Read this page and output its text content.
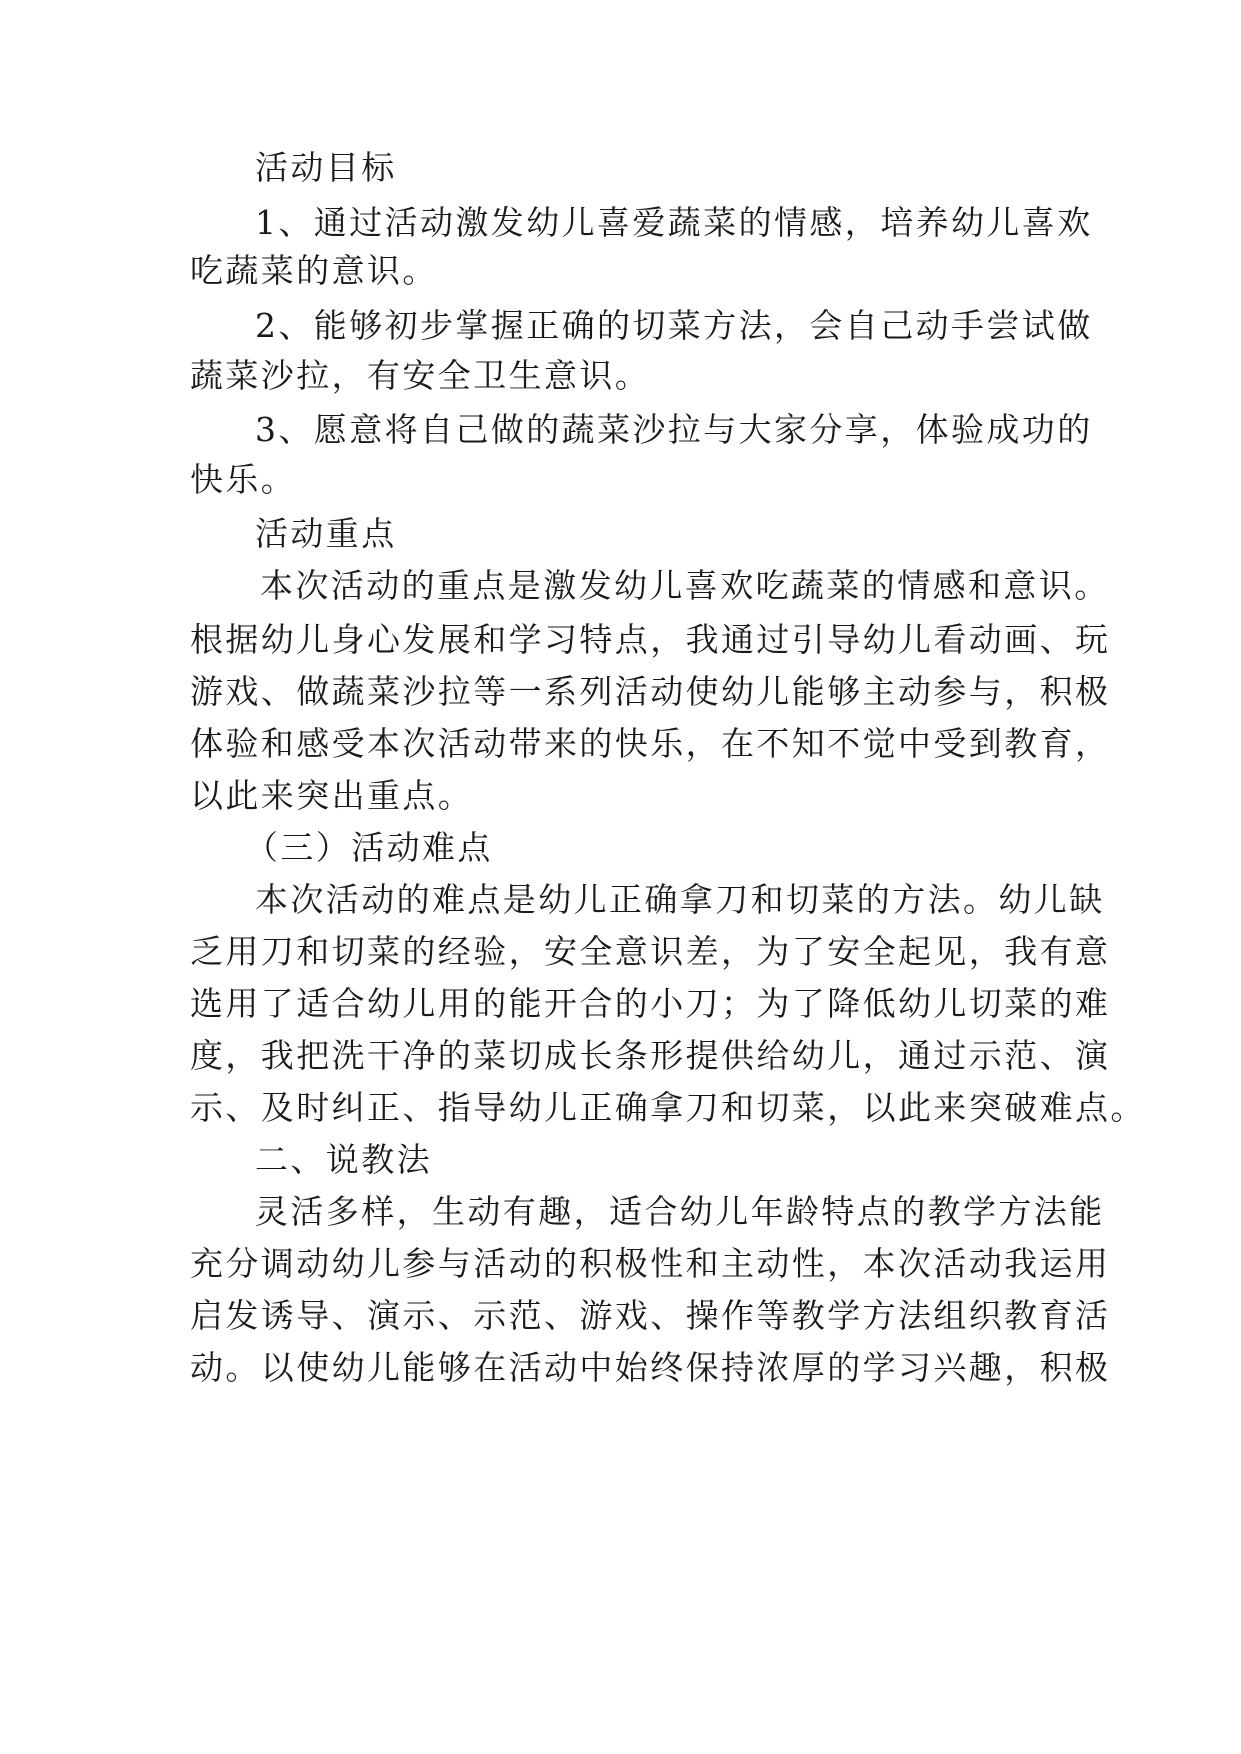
活动目标
1、通过活动激发幼儿喜爱蔬菜的情感，培养幼儿喜欢
吃蔬菜的意识。
2、能够初步掌握正确的切菜方法，会自己动手尝试做
蔬菜沙拉，有安全卫生意识。
3、愿意将自己做的蔬菜沙拉与大家分享，体验成功的
快乐。
活动重点
本次活动的重点是激发幼儿喜欢吃蔬菜的情感和意识。
根据幼儿身心发展和学习特点，我通过引导幼儿看动画、玩
游戏、做蔬菜沙拉等一系列活动使幼儿能够主动参与，积极
体验和感受本次活动带来的快乐，在不知不觉中受到教育，
以此来突出重点。
（三）活动难点
本次活动的难点是幼儿正确拿刀和切菜的方法。幼儿缺
乏用刀和切菜的经验，安全意识差，为了安全起见，我有意
选用了适合幼儿用的能开合的小刀；为了降低幼儿切菜的难
度，我把洗干净的菜切成长条形提供给幼儿，通过示范、演
示、及时纠正、指导幼儿正确拿刀和切菜，以此来突破难点。
二、说教法
灵活多样，生动有趣，适合幼儿年龄特点的教学方法能
充分调动幼儿参与活动的积极性和主动性，本次活动我运用
启发诱导、演示、示范、游戏、操作等教学方法组织教育活
动。以使幼儿能够在活动中始终保持浓厚的学习兴趣，积极
